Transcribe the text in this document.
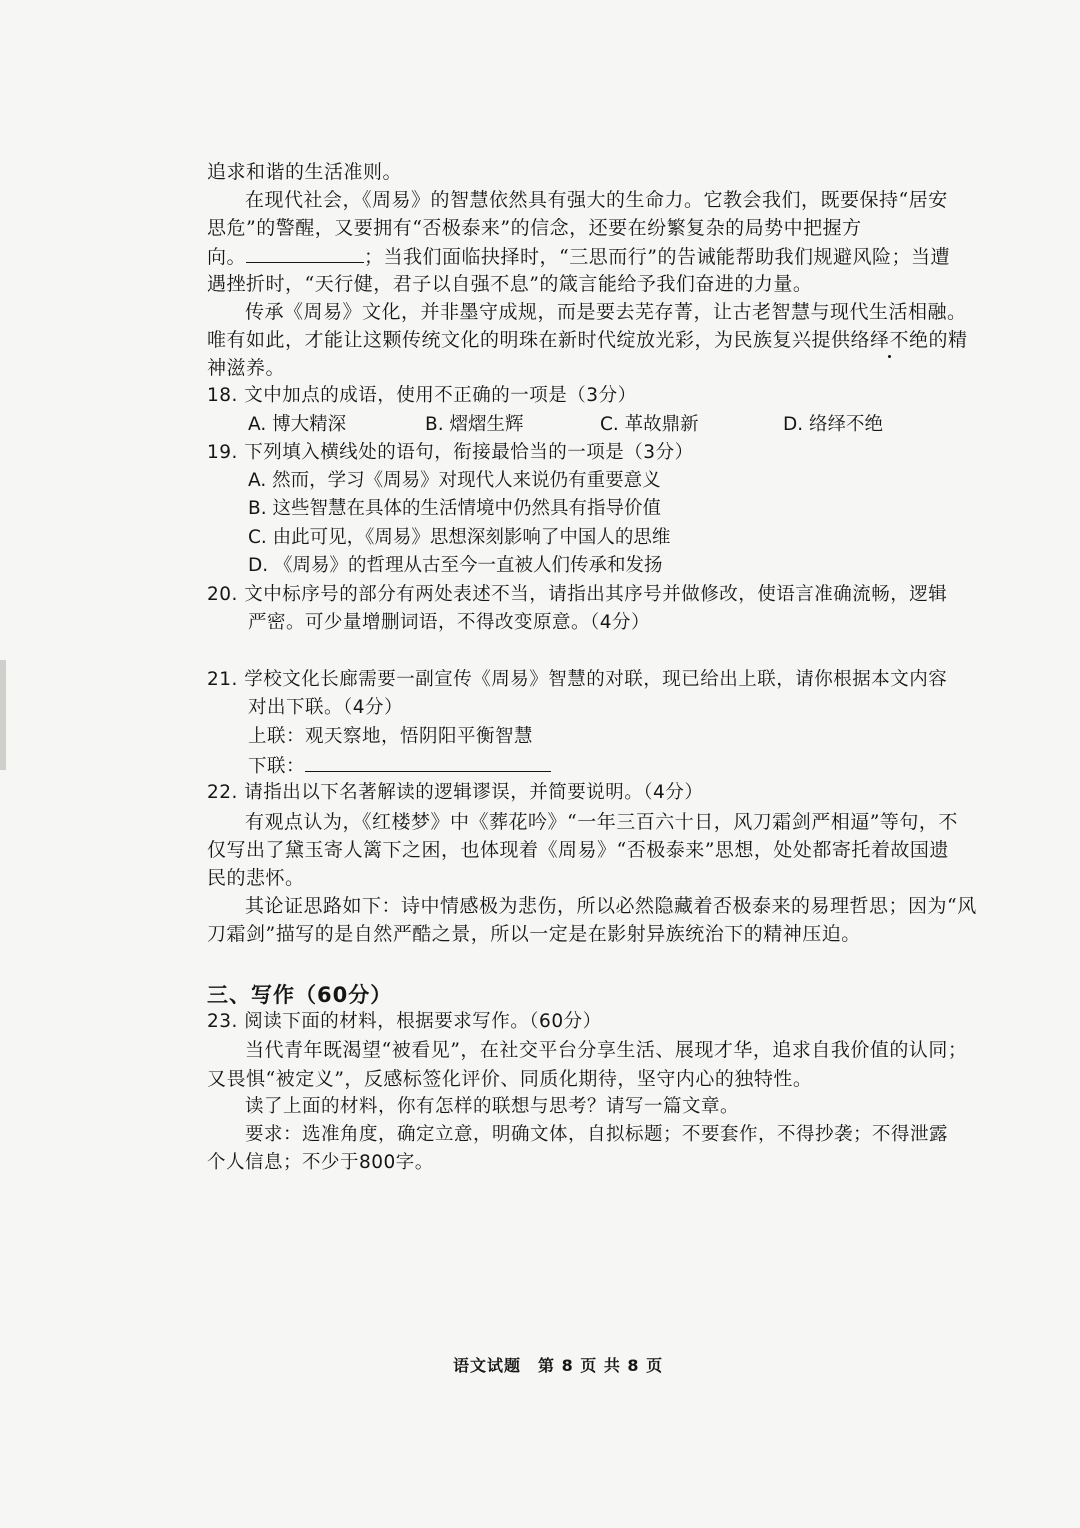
追求和谐的生活准则。
在现代社会，《周易》的智慧依然具有强大的生命力。它教会我们，既要保持“居安
思危”的警醒，又要拥有“否极泰来”的信念，还要在纷繁复杂的局势中把握方
向。	；当我们面临抉择时，“三思而行”的告诫能帮助我们规避风险；当遭
遇挫折时，“天行健，君子以自强不息”的箴言能给予我们奋进的力量。
传承《周易》文化，并非墨守成规，而是要去芜存菁，让古老智慧与现代生活相融。
唯有如此，才能让这颗传统文化的明珠在新时代绽放光彩，为民族复兴提供络绎不绝的精
神滋养。
18. 文中加点的成语，使用不正确的一项是（3分）
A. 博大精深	B. 熠熠生辉	C. 革故鼎新	D. 络绎不绝
19. 下列填入横线处的语句，衔接最恰当的一项是（3分）
A. 然而，学习《周易》对现代人来说仍有重要意义
B. 这些智慧在具体的生活情境中仍然具有指导价值
C. 由此可见，《周易》思想深刻影响了中国人的思维
D. 《周易》的哲理从古至今一直被人们传承和发扬
20. 文中标序号的部分有两处表述不当，请指出其序号并做修改，使语言准确流畅，逻辑
严密。可少量增删词语，不得改变原意。（4分）
21. 学校文化长廊需要一副宣传《周易》智慧的对联，现已给出上联，请你根据本文内容
对出下联。（4分）
上联：观天察地，悟阴阳平衡智慧
下联：
22. 请指出以下名著解读的逻辑谬误，并简要说明。（4分）
有观点认为，《红楼梦》中《葬花吟》“一年三百六十日，风刀霜剑严相逼”等句，不
仅写出了黛玉寄人篱下之困，也体现着《周易》“否极泰来”思想，处处都寄托着故国遗
民的悲怀。
其论证思路如下：诗中情感极为悲伤，所以必然隐藏着否极泰来的易理哲思；因为“风
刀霜剑”描写的是自然严酷之景，所以一定是在影射异族统治下的精神压迫。
三、写作（60分）
23. 阅读下面的材料，根据要求写作。（60分）
当代青年既渴望“被看见”，在社交平台分享生活、展现才华，追求自我价值的认同；
又畏惧“被定义”，反感标签化评价、同质化期待，坚守内心的独特性。
读了上面的材料，你有怎样的联想与思考？请写一篇文章。
要求：选准角度，确定立意，明确文体，自拟标题；不要套作，不得抄袭；不得泄露
个人信息；不少于800字。
语文试题　第 8 页 共 8 页
